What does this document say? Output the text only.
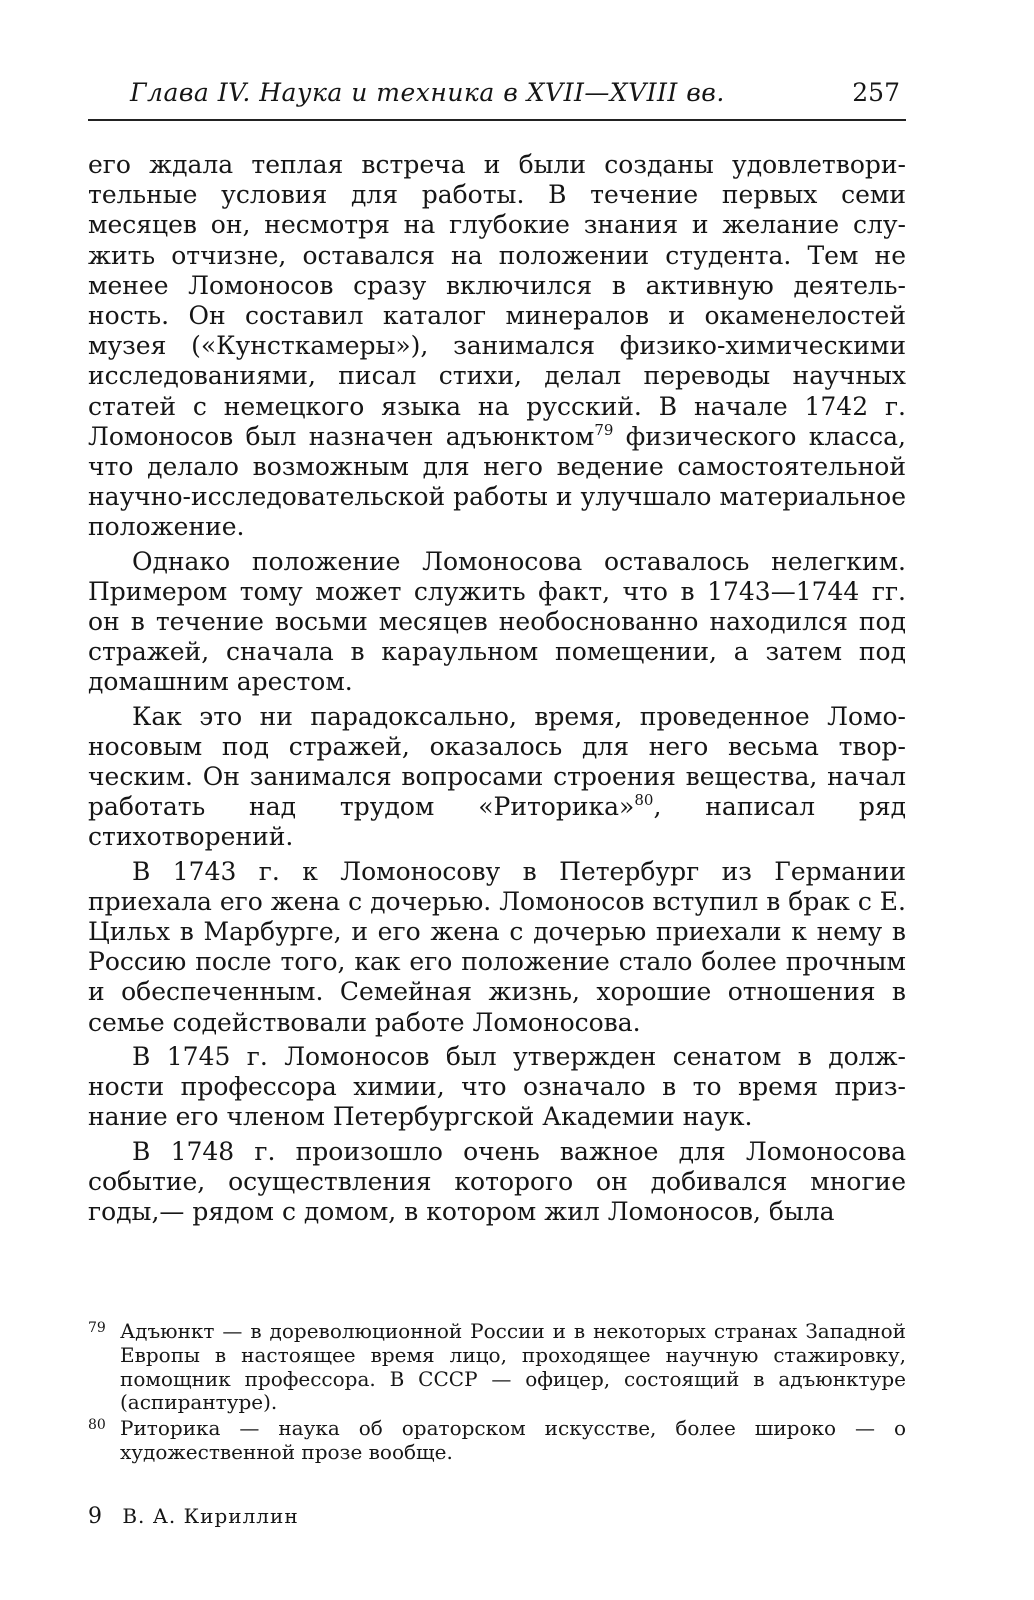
Глава IV. Наука и техника в XVII—XVIII вв.	257

его ждала теплая встреча и были созданы удовлетворительные условия для работы. В течение первых семи месяцев он, несмотря на глубокие знания и желание служить отчизне, оставался на положении студента. Тем не менее Ломоносов сразу включился в активную деятельность. Он составил каталог минералов и окаменелостей музея («Кунсткамеры»), занимался физико-химическими исследованиями, писал стихи, делал переводы научных статей с немецкого языка на русский. В начале 1742 г. Ломоносов был назначен адъюнктом$^{79}$ физического класса, что делало возможным для него ведение самостоятельной научно-исследовательской работы и улучшало материальное положение.

Однако положение Ломоносова оставалось нелегким. Примером тому может служить факт, что в 1743—1744 гг. он в течение восьми месяцев необоснованно находился под стражей, сначала в караульном помещении, а затем под домашним арестом.

Как это ни парадоксально, время, проведенное Ломоносовым под стражей, оказалось для него весьма творческим. Он занимался вопросами строения вещества, начал работать над трудом «Риторика»$^{80}$, написал ряд стихотворений.

В 1743 г. к Ломоносову в Петербург из Германии приехала его жена с дочерью. Ломоносов вступил в брак с Е. Цильх в Марбурге, и его жена с дочерью приехали к нему в Россию после того, как его положение стало более прочным и обеспеченным. Семейная жизнь, хорошие отношения в семье содействовали работе Ломоносова.

В 1745 г. Ломоносов был утвержден сенатом в должности профессора химии, что означало в то время признание его членом Петербургской Академии наук.

В 1748 г. произошло очень важное для Ломоносова событие, осуществления которого он добивался многие годы,— рядом с домом, в котором жил Ломоносов, была

79 Адъюнкт — в дореволюционной России и в некоторых странах Западной Европы в настоящее время лицо, проходящее научную стажировку, помощник профессора. В СССР — офицер, состоящий в адъюнктуре (аспирантуре).
80 Риторика — наука об ораторском искусстве, более широко — о художественной прозе вообще.
9 В. А. Кириллин
